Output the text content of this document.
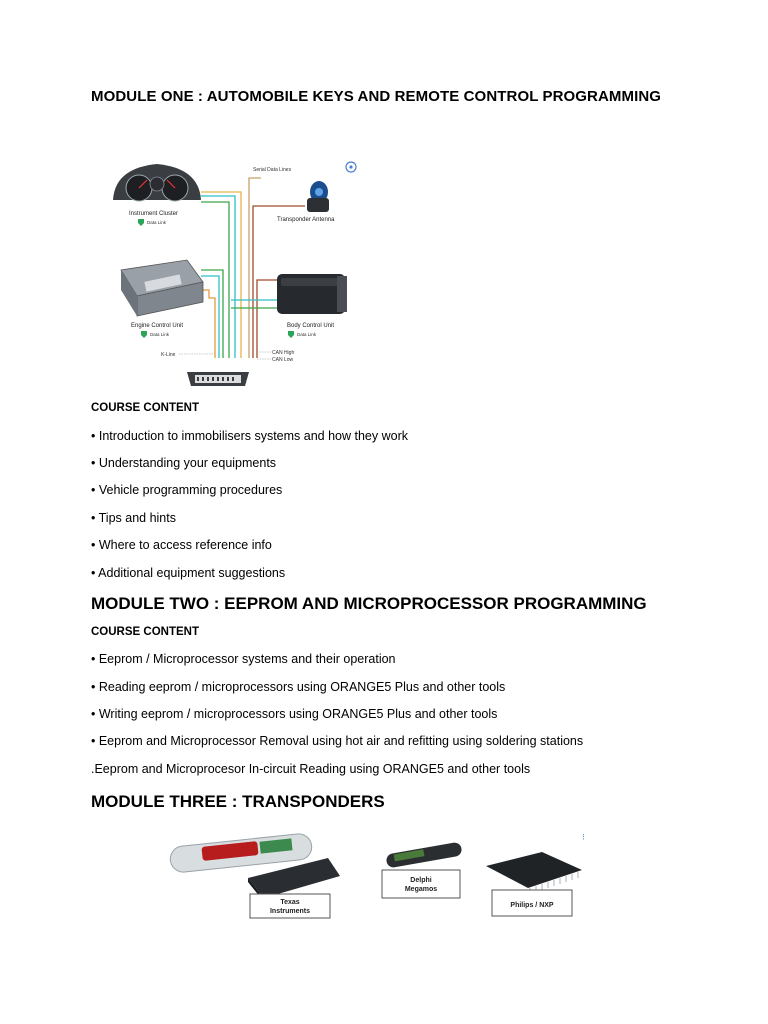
MODULE ONE : AUTOMOBILE KEYS AND REMOTE CONTROL PROGRAMMING
Instrument Cluster
Data Link
Serial Data Lines
Transponder Antenna
Engine Control Unit
Data Link
Body Control Unit
Data Link
K-Line	CAN High
CAN Low
COURSE CONTENT
• Introduction to immobilisers systems and how they work
• Understanding your equipments
• Vehicle programming procedures
• Tips and hints
• Where to access reference info
• Additional equipment suggestions
MODULE TWO : EEPROM AND MICROPROCESSOR PROGRAMMING
COURSE CONTENT
• Eeprom / Microprocessor systems and their operation
• Reading eeprom / microprocessors using ORANGE5 Plus and other tools
• Writing eeprom / microprocessors using ORANGE5 Plus and other tools
• Eeprom and Microprocessor Removal using hot air and refitting using soldering stations
.Eeprom and Microprocesor In-circuit Reading using ORANGE5 and other tools
MODULE THREE : TRANSPONDERS
Texas
Instruments
Delphi
Megamos
Philips / NXP
⁝
